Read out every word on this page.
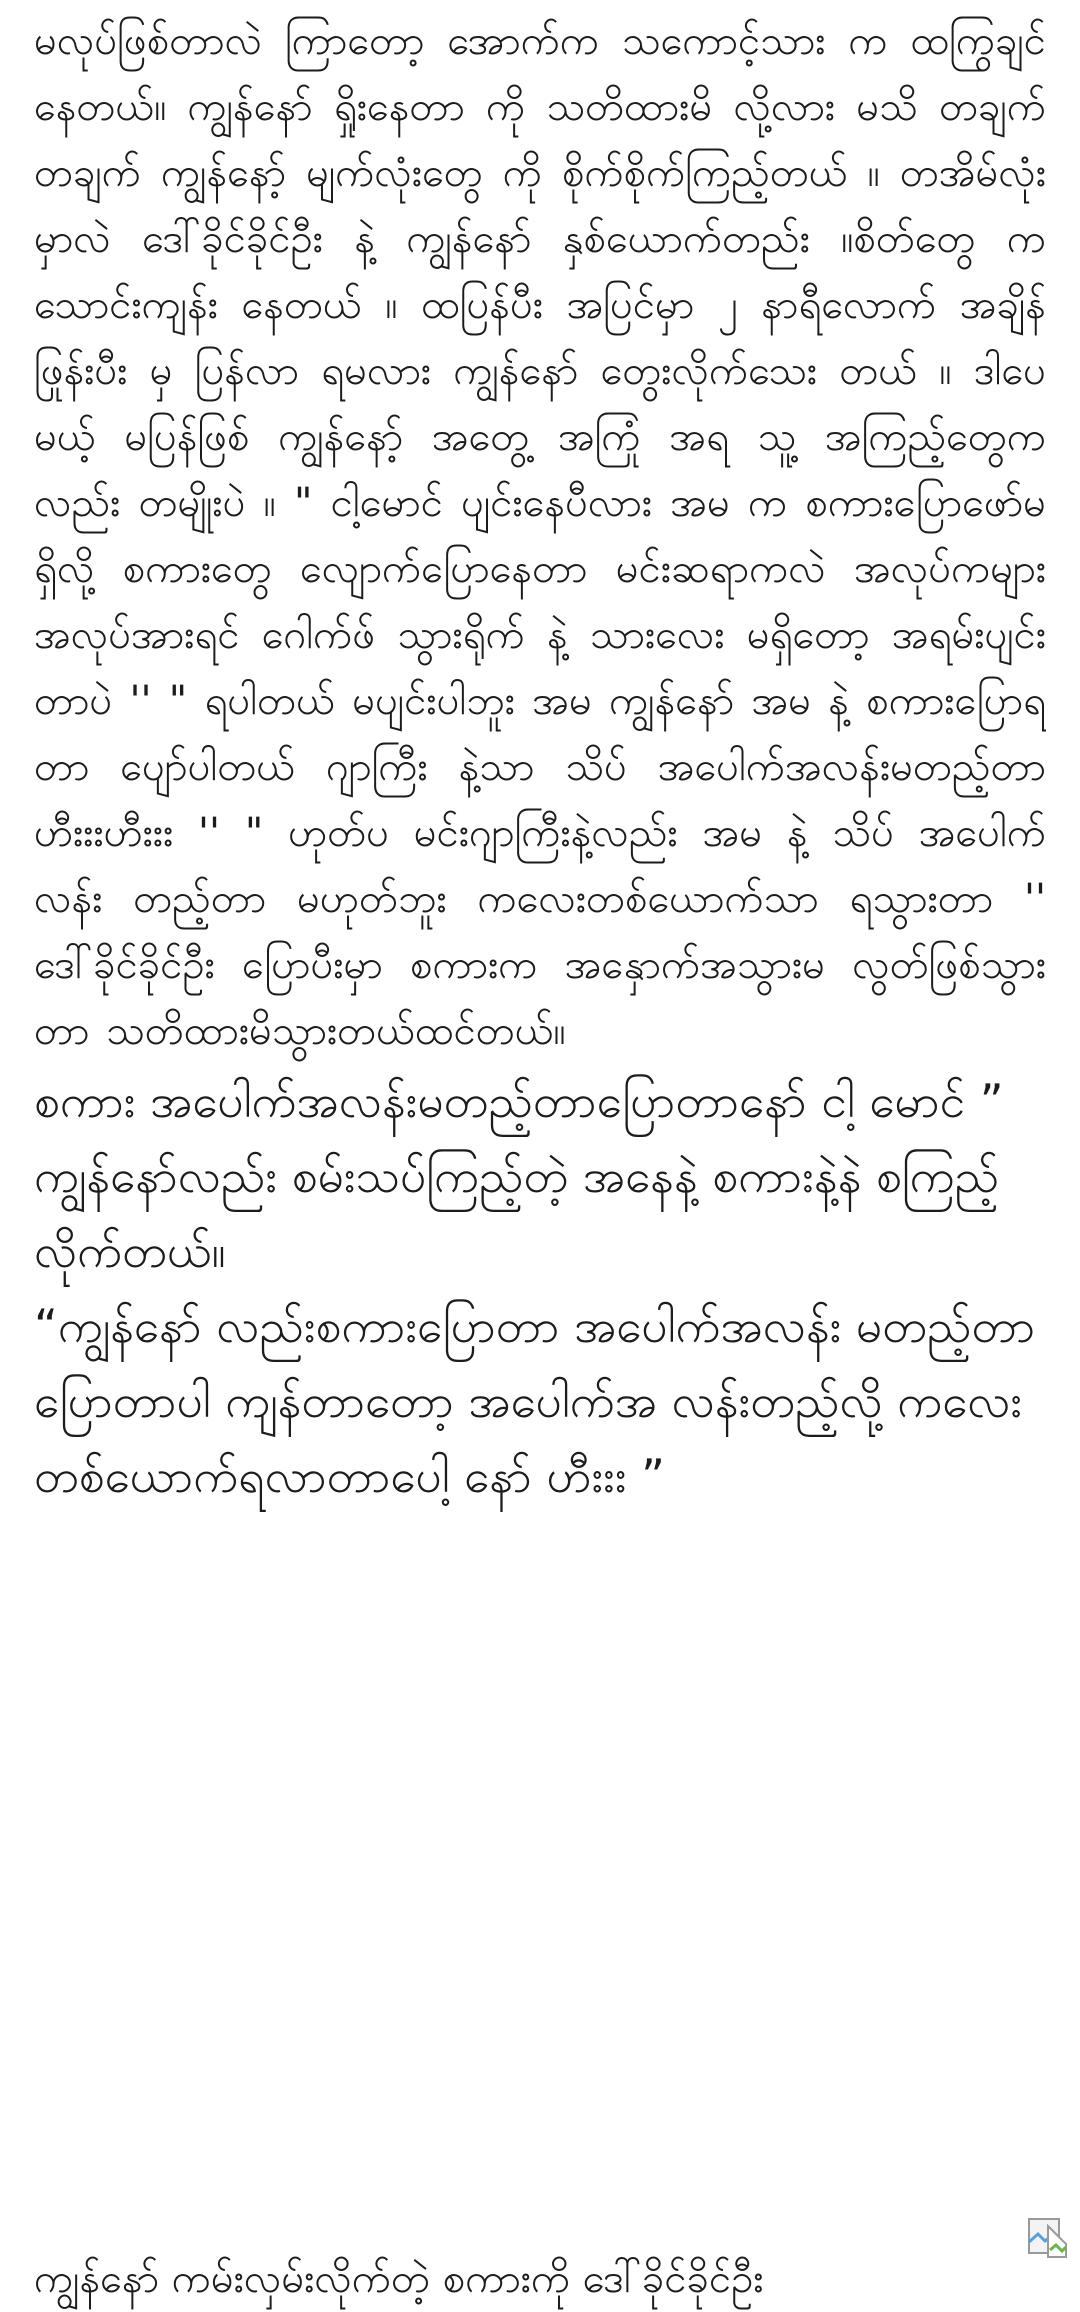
မလုပ်ဖြစ်တာလဲ ကြာတော့ အောက်က သကောင့်သား က ထကြွချင်နေတယ်။ ကျွန်နော် ရှိုးနေတာ ကို သတိထားမိ လို့လား မသိ တချက်တချက် ကျွန်နော့် မျက်လုံးတွေ ကို စိုက်စိုက်ကြည့်တယ် ။ တအိမ်လုံးမှာလဲ ဒေါ်ခိုင်ခိုင်ဦး နဲ့ ကျွန်နော် နှစ်ယောက်တည်း ။စိတ်တွေ က သောင်းကျန်း နေတယ် ။ ထပြန်ပီး အပြင်မှာ ၂ နာရီလောက် အချိန် ဖြုန်းပီး မှ ပြန်လာ ရမလား ကျွန်နော် တွေးလိုက်သေး တယ် ။ ဒါပေမယ့် မပြန်ဖြစ် ကျွန်နော့် အတွေ့ အကြုံ အရ သူ့ အကြည့်တွေကလည်း တမျိုးပဲ ။ " ငါ့မောင် ပျင်းနေပီလား အမ က စကားပြောဖော်မရှိလို့ စကားတွေ လျောက်ပြောနေတာ မင်းဆရာကလဲ အလုပ်ကများ အလုပ်အားရင် ဂေါက်ဖ် သွားရိုက် နဲ့ သားလေး မရှိတော့ အရမ်းပျင်းတာပဲ '' " ရပါတယ် မပျင်းပါဘူး အမ ကျွန်နော် အမ နဲ့ စကားပြောရတာ ပျော်ပါတယ် ဂျာကြီး နဲ့သာ သိပ် အပေါက်အလန်းမတည့်တာ ဟီးးးဟီးးး '' " ဟုတ်ပ မင်းဂျာကြီးနဲ့လည်း အမ နဲ့ သိပ် အပေါက်လန်း တည့်တာ မဟုတ်ဘူး ကလေးတစ်ယောက်သာ ရသွားတာ '' ဒေါ်ခိုင်ခိုင်ဦး ပြောပီးမှာ စကားက အနှောက်အသွားမ လွတ်ဖြစ်သွားတာ သတိထားမိသွားတယ်ထင်တယ်။

စကား အပေါက်အလန်းမတည့်တာပြောတာနော် ငါ့ မောင် ”

ကျွန်နော်လည်း စမ်းသပ်ကြည့်တဲ့ အနေနဲ့ စကားနဲ့နဲ စကြည့်လိုက်တယ်။

“ကျွန်နော် လည်းစကားပြောတာ အပေါက်အလန်း မတည့်တာ ပြောတာပါ ကျန်တာတော့ အပေါက်အ လန်းတည့်လို့ ကလေးတစ်ယောက်ရလာတာပေါ့ နော် ဟီးးး ”

ကျွန်နော် ကမ်းလှမ်းလိုက်တဲ့ စကားကို ဒေါ်ခိုင်ခိုင်ဦး
